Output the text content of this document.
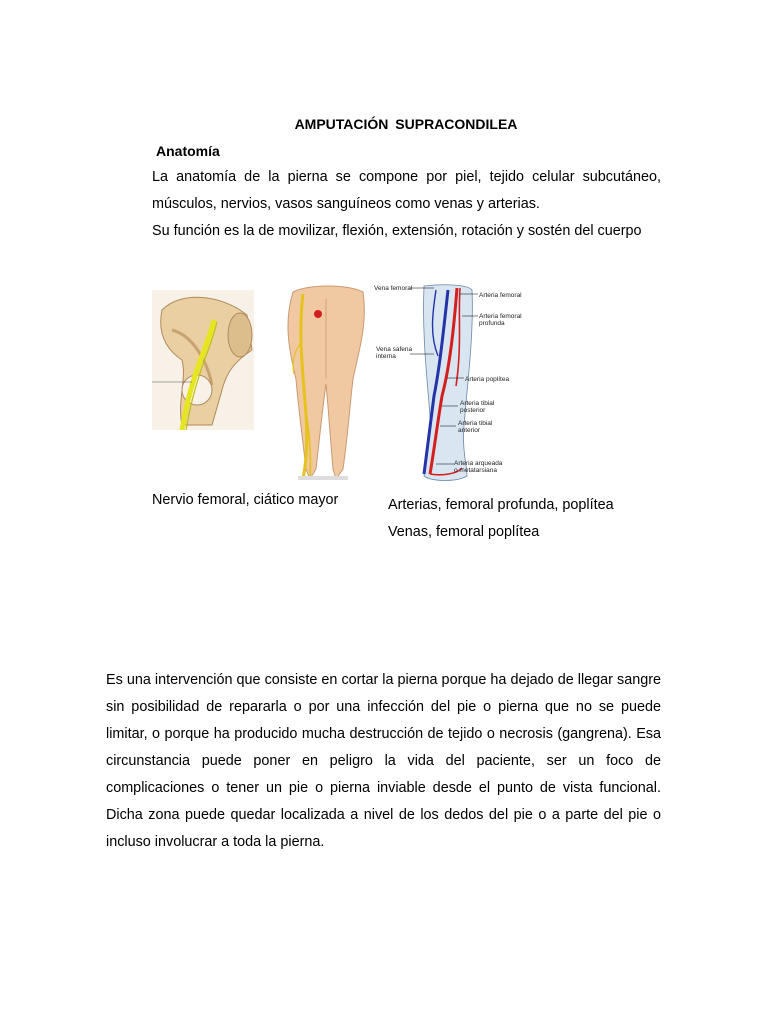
AMPUTACIÓN SUPRACONDILEA
Anatomía

La anatomía de la pierna se compone por piel, tejido celular subcutáneo, músculos, nervios, vasos sanguíneos como venas y arterias.

Su función es la de movilizar, flexión, extensión, rotación y sostén del cuerpo

Vena femoral
Arteria femoral
Arteria femoral
profunda
Vena safena
interna
Arteria poplítea
Arteria tibial
posterior
Arteria tibial
anterior
Arteria arqueada
o metatarsiana
Nervio femoral, ciático mayor	Arterias, femoral profunda, poplítea
Venas, femoral poplítea

Es una intervención que consiste en cortar la pierna porque ha dejado de llegar sangre sin posibilidad de repararla o por una infección del pie o pierna que no se puede limitar, o porque ha producido mucha destrucción de tejido o necrosis (gangrena). Esa circunstancia puede poner en peligro la vida del paciente, ser un foco de complicaciones o tener un pie o pierna inviable desde el punto de vista funcional. Dicha zona puede quedar localizada a nivel de los dedos del pie o a parte del pie o incluso involucrar a toda la pierna.
